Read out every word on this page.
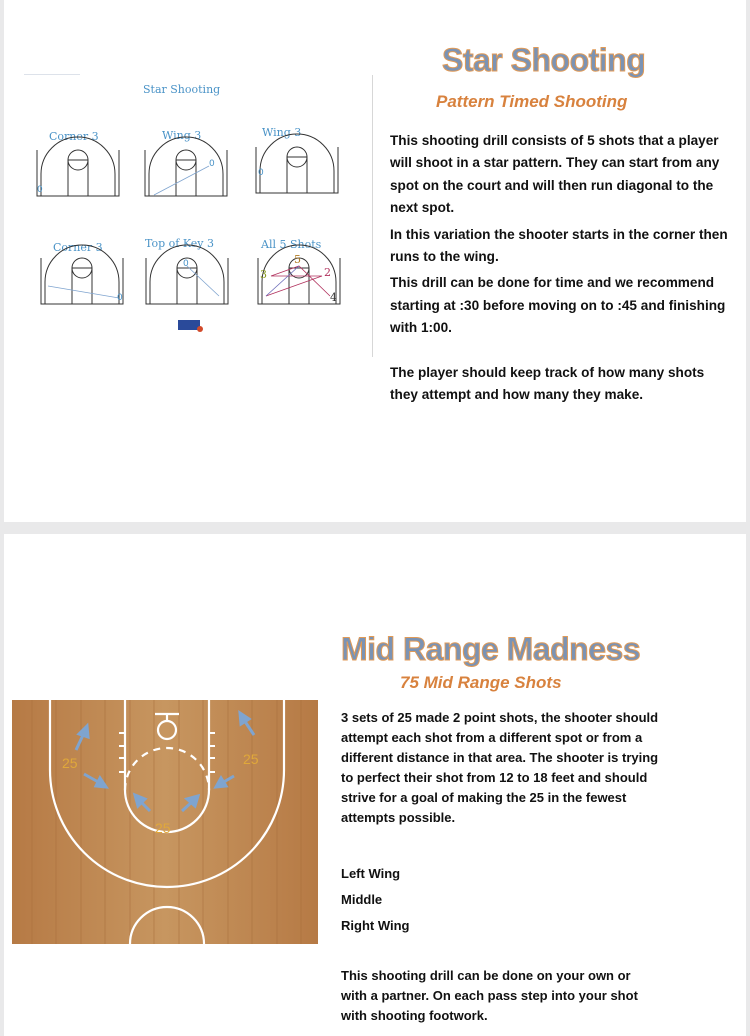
Star Shooting
Pattern Timed Shooting
Star Shooting
Corner 3	Wing 3	Wing 3
Corner 3	Top of Key 3	All 5 Shots
0
0
0
0
0	5
3	2
4

This shooting drill consists of 5 shots that a player will shoot in a star pattern. They can start from any spot on the court and will then run diagonal to the next spot.

In this variation the shooter starts in the corner then runs to the wing.

This drill can be done for time and we recommend starting at :30 before moving on to :45 and finishing with 1:00.

The player should keep track of how many shots they attempt and how many they make.

Mid Range Madness
75 Mid Range Shots
25
25
25

3 sets of 25 made 2 point shots, the shooter should attempt each shot from a different spot or from a different distance in that area. The shooter is trying to perfect their shot from 12 to 18 feet and should strive for a goal of making the 25 in the fewest attempts possible.

Left Wing

Middle

Right Wing

This shooting drill can be done on your own or with a partner. On each pass step into your shot with shooting footwork.
